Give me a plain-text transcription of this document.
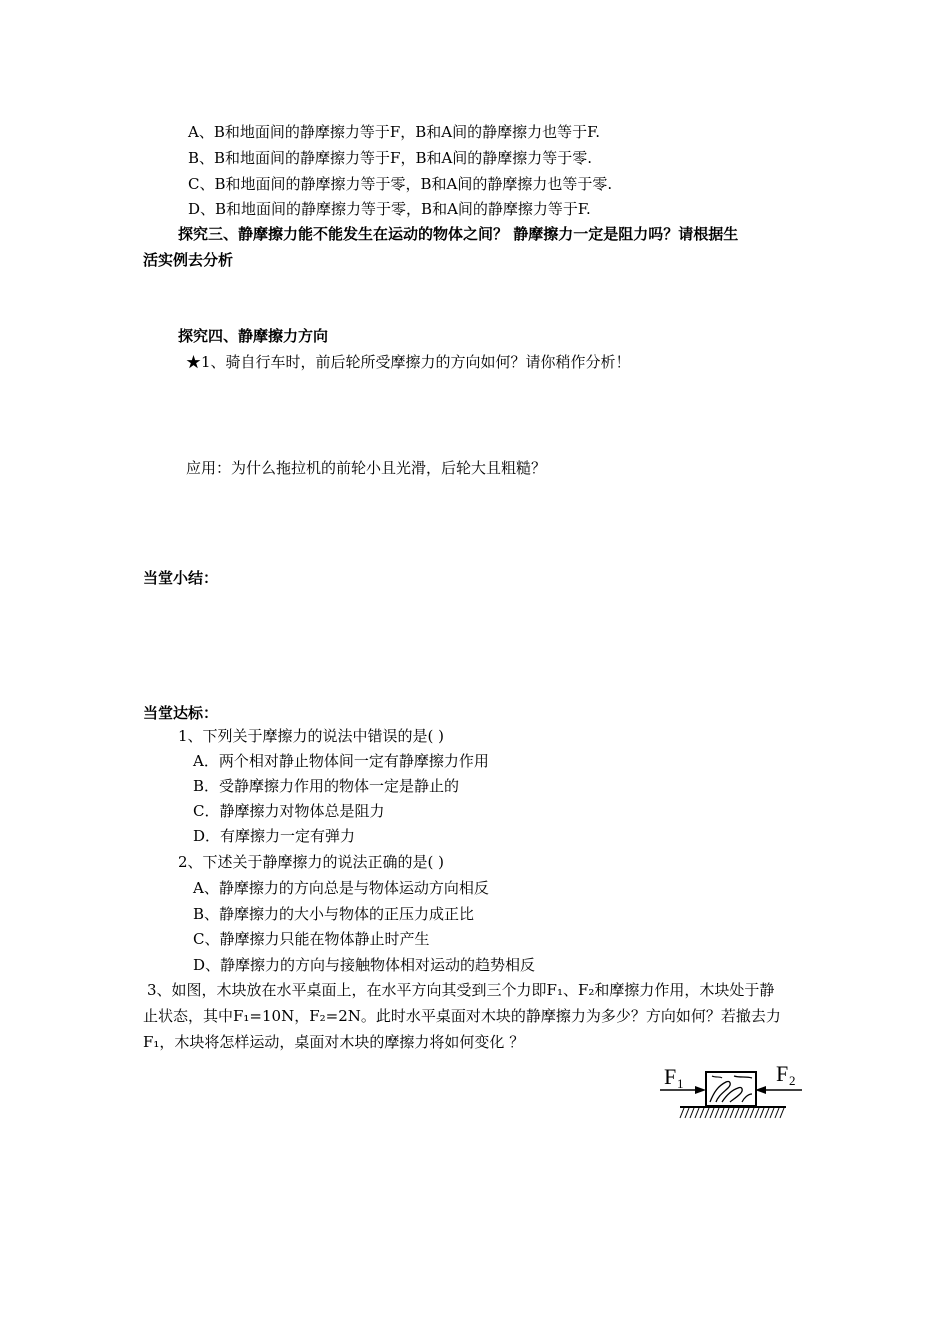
A、B和地面间的静摩擦力等于F，B和A间的静摩擦力也等于F.
B、B和地面间的静摩擦力等于F，B和A间的静摩擦力等于零.
C、B和地面间的静摩擦力等于零，B和A间的静摩擦力也等于零.
D、B和地面间的静摩擦力等于零，B和A间的静摩擦力等于F.
探究三、静摩擦力能不能发生在运动的物体之间？ 静摩擦力一定是阻力吗？请根据生
活实例去分析
探究四、静摩擦力方向
★1、骑自行车时，前后轮所受摩擦力的方向如何？请你稍作分析！
应用：为什么拖拉机的前轮小且光滑，后轮大且粗糙？
当堂小结：
当堂达标：
1、下列关于摩擦力的说法中错误的是( )
A．两个相对静止物体间一定有静摩擦力作用
B．受静摩擦力作用的物体一定是静止的
C．静摩擦力对物体总是阻力
D．有摩擦力一定有弹力
2、下述关于静摩擦力的说法正确的是( )
A、静摩擦力的方向总是与物体运动方向相反
B、静摩擦力的大小与物体的正压力成正比
C、静摩擦力只能在物体静止时产生
D、静摩擦力的方向与接触物体相对运动的趋势相反
3、如图，木块放在水平桌面上，在水平方向其受到三个力即F₁、F₂和摩擦力作用，木块处于静
止状态，其中F₁=10N，F₂=2N。此时水平桌面对木块的静摩擦力为多少？方向如何？若撤去力
F₁，木块将怎样运动，桌面对木块的摩擦力将如何变化 ？
F 1	F 2
